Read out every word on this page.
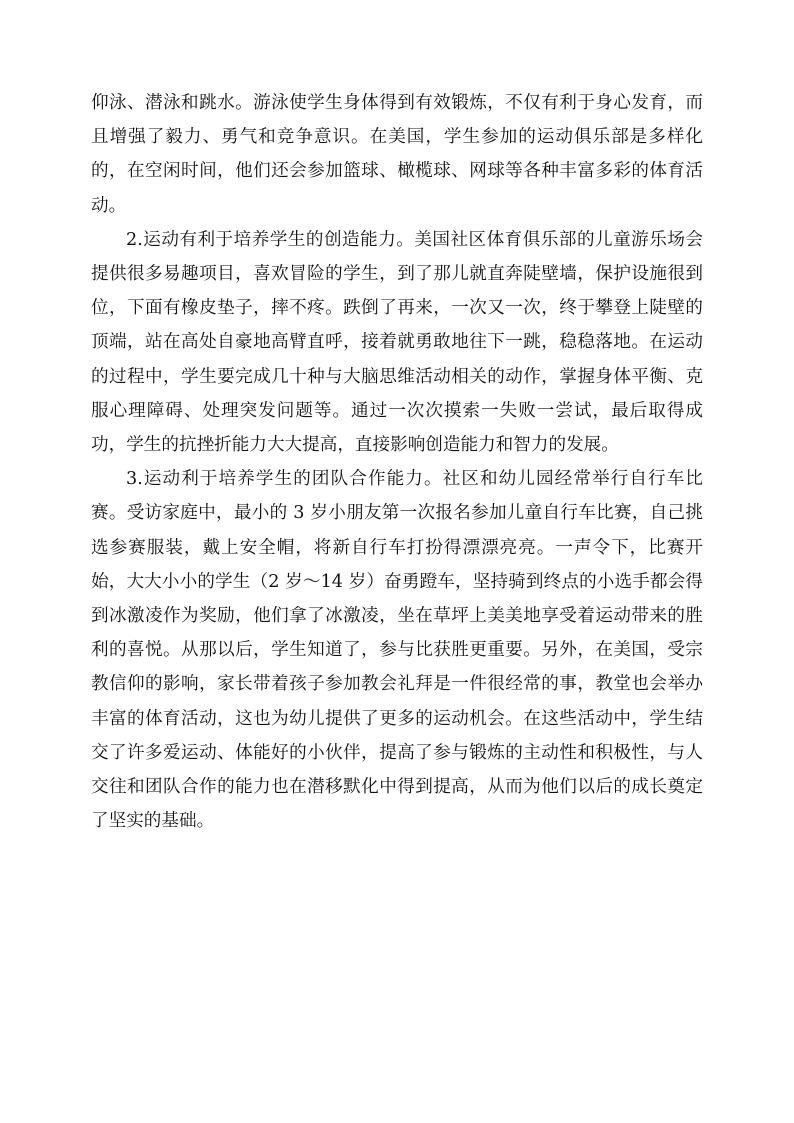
仰泳、潜泳和跳水。游泳使学生身体得到有效锻炼，不仅有利于身心发育，而且增强了毅力、勇气和竞争意识。在美国，学生参加的运动俱乐部是多样化的，在空闲时间，他们还会参加篮球、橄榄球、网球等各种丰富多彩的体育活动。

2.运动有利于培养学生的创造能力。美国社区体育俱乐部的儿童游乐场会提供很多易趣项目，喜欢冒险的学生，到了那儿就直奔陡壁墙，保护设施很到位，下面有橡皮垫子，摔不疼。跌倒了再来，一次又一次，终于攀登上陡壁的顶端，站在高处自豪地高臂直呼，接着就勇敢地往下一跳，稳稳落地。在运动的过程中，学生要完成几十种与大脑思维活动相关的动作，掌握身体平衡、克服心理障碍、处理突发问题等。通过一次次摸索一失败一尝试，最后取得成功，学生的抗挫折能力大大提高，直接影响创造能力和智力的发展。

3.运动利于培养学生的团队合作能力。社区和幼儿园经常举行自行车比赛。受访家庭中，最小的 3 岁小朋友第一次报名参加儿童自行车比赛，自己挑选参赛服装，戴上安全帽，将新自行车打扮得漂漂亮亮。一声令下，比赛开始，大大小小的学生（2 岁～14 岁）奋勇蹬车，坚持骑到终点的小选手都会得到冰激凌作为奖励，他们拿了冰激凌，坐在草坪上美美地享受着运动带来的胜利的喜悦。从那以后，学生知道了，参与比获胜更重要。另外，在美国，受宗教信仰的影响，家长带着孩子参加教会礼拜是一件很经常的事，教堂也会举办丰富的体育活动，这也为幼儿提供了更多的运动机会。在这些活动中，学生结交了许多爱运动、体能好的小伙伴，提高了参与锻炼的主动性和积极性，与人交往和团队合作的能力也在潜移默化中得到提高，从而为他们以后的成长奠定了坚实的基础。
